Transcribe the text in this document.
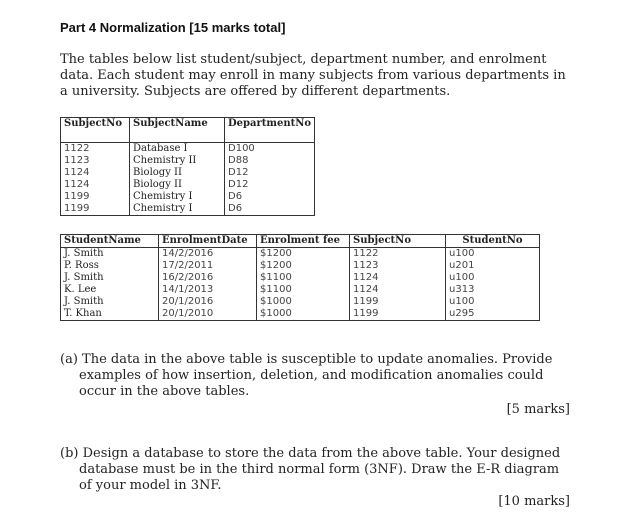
Part 4 Normalization [15 marks total]
The tables below list student/subject, department number, and enrolment data. Each student may enroll in many subjects from various departments in a university. Subjects are offered by different departments.
SubjectNo	SubjectName	DepartmentNo
1122	Database I	D100
1123	Chemistry II	D88
1124	Biology II	D12
1124	Biology II	D12
1199	Chemistry I	D6
1199	Chemistry I	D6
StudentName	EnrolmentDate	Enrolment fee	SubjectNo	StudentNo
J. Smith	14/2/2016	$1200	1122	u100
P. Ross	17/2/2011	$1200	1123	u201
J. Smith	16/2/2016	$1100	1124	u100
K. Lee	14/1/2013	$1100	1124	u313
J. Smith	20/1/2016	$1000	1199	u100
T. Khan	20/1/2010	$1000	1199	u295

(a) The data in the above table is susceptible to update anomalies. Provide examples of how insertion, deletion, and modification anomalies could occur in the above tables.

[5 marks]

(b) Design a database to store the data from the above table. Your designed database must be in the third normal form (3NF). Draw the E-R diagram of your model in 3NF.

[10 marks]
